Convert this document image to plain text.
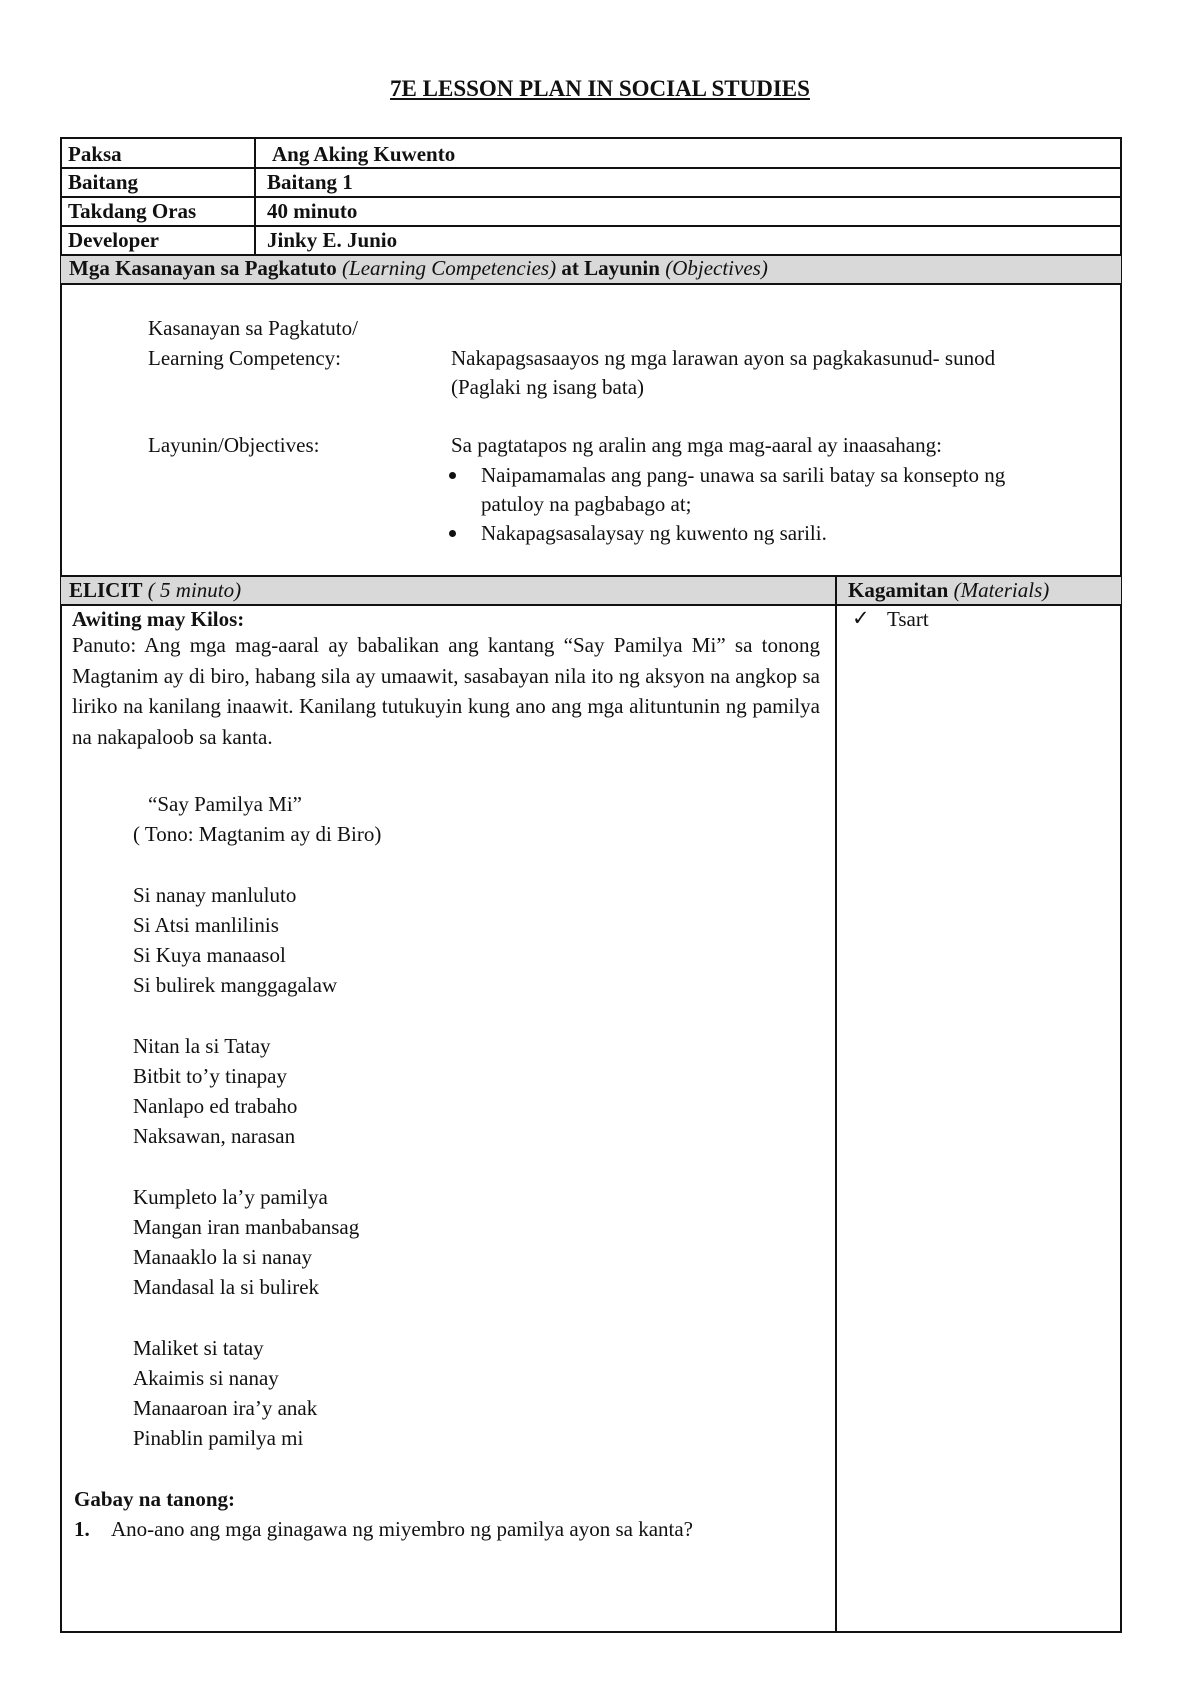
7E LESSON PLAN IN SOCIAL STUDIES
Paksa	Ang Aking Kuwento
Baitang	Baitang 1
Takdang Oras	40 minuto
Developer	Jinky E. Junio
Mga Kasanayan sa Pagkatuto (Learning Competencies) at Layunin (Objectives)
Kasanayan sa Pagkatuto/
Learning Competency:	Nakapagsasaayos ng mga larawan ayon sa pagkakasunud- sunod
(Paglaki ng isang bata)
Layunin/Objectives:	Sa pagtatapos ng aralin ang mga mag-aaral ay inaasahang:
Naipamamalas ang pang- unawa sa sarili batay sa konsepto ng
patuloy na pagbabago at;
Nakapagsasalaysay ng kuwento ng sarili.
ELICIT ( 5 minuto)	Kagamitan (Materials)
Awiting may Kilos:
Panuto: Ang mga mag-aaral ay babalikan ang kantang “Say Pamilya Mi” sa tonong Magtanim ay di biro, habang sila ay umaawit, sasabayan nila ito ng aksyon na angkop sa liriko na kanilang inaawit. Kanilang tutukuyin kung ano ang mga alituntunin ng pamilya na nakapaloob sa kanta.
“Say Pamilya Mi”
( Tono: Magtanim ay di Biro)
Si nanay manluluto
Si Atsi manlilinis
Si Kuya manaasol
Si bulirek manggagalaw
Nitan la si Tatay
Bitbit to’y tinapay
Nanlapo ed trabaho
Naksawan, narasan
Kumpleto la’y pamilya
Mangan iran manbabansag
Manaaklo la si nanay
Mandasal la si bulirek
Maliket si tatay
Akaimis si nanay
Manaaroan ira’y anak
Pinablin pamilya mi
Gabay na tanong:
1. Ano-ano ang mga ginagawa ng miyembro ng pamilya ayon sa kanta?
✓ Tsart
